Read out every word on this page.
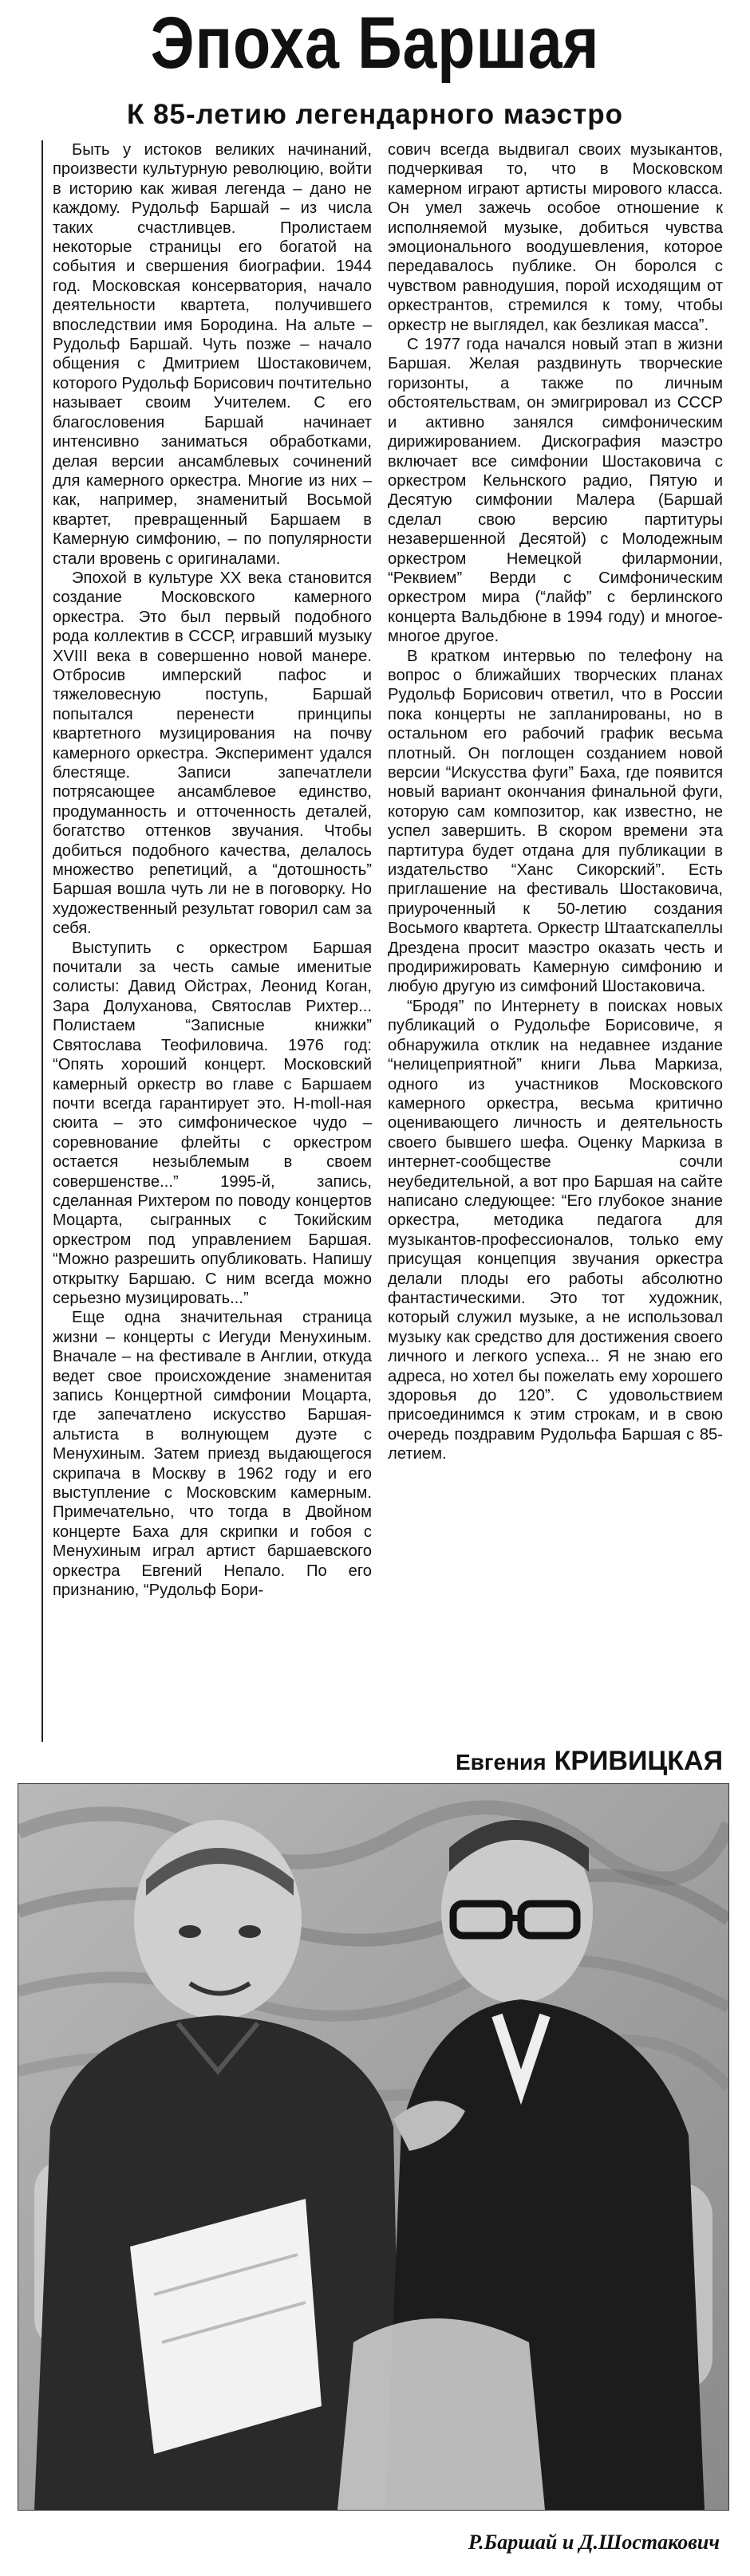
Эпоха Баршая
К 85-летию легендарного маэстро

Быть у истоков великих начинаний, произвести культурную революцию, войти в историю как живая легенда – дано не каждому. Рудольф Баршай – из числа таких счастливцев. Пролистаем некоторые страницы его богатой на события и свершения биографии. 1944 год. Московская консерватория, начало деятельности квартета, получившего впоследствии имя Бородина. На альте – Рудольф Баршай. Чуть позже – начало общения с Дмитрием Шостаковичем, которого Рудольф Борисович почтительно называет своим Учителем. С его благословения Баршай начинает интенсивно заниматься обработками, делая версии ансамблевых сочинений для камерного оркестра. Многие из них – как, например, знаменитый Восьмой квартет, превращенный Баршаем в Камерную симфонию, – по популярности стали вровень с оригиналами.

Эпохой в культуре XX века становится создание Московского камерного оркестра. Это был первый подобного рода коллектив в СССР, игравший музыку XVIII века в совершенно новой манере. Отбросив имперский пафос и тяжеловесную поступь, Баршай попытался перенести принципы квартетного музицирования на почву камерного оркестра. Эксперимент удался блестяще. Записи запечатлели потрясающее ансамблевое единство, продуманность и отточенность деталей, богатство оттенков звучания. Чтобы добиться подобного качества, делалось множество репетиций, а “дотошность” Баршая вошла чуть ли не в поговорку. Но художественный результат говорил сам за себя.

Выступить с оркестром Баршая почитали за честь самые именитые солисты: Давид Ойстрах, Леонид Коган, Зара Долуханова, Святослав Рихтер... Полистаем “Записные книжки” Святослава Теофиловича. 1976 год: “Опять хороший концерт. Московский камерный оркестр во главе с Баршаем почти всегда гарантирует это. H-moll-ная сюита – это симфоническое чудо – соревнование флейты с оркестром остается незыблемым в своем совершенстве...” 1995-й, запись, сделанная Рихтером по поводу концертов Моцарта, сыгранных с Токийским оркестром под управлением Баршая. “Можно разрешить опубликовать. Напишу открытку Баршаю. С ним всегда можно серьезно музицировать...”

Еще одна значительная страница жизни – концерты с Иегуди Менухиным. Вначале – на фестивале в Англии, откуда ведет свое происхождение знаменитая запись Концертной симфонии Моцарта, где запечатлено искусство Баршая-альтиста в волнующем дуэте с Менухиным. Затем приезд выдающегося скрипача в Москву в 1962 году и его выступление с Московским камерным. Примечательно, что тогда в Двойном концерте Баха для скрипки и гобоя с Менухиным играл артист баршаевского оркестра Евгений Непало. По его признанию, “Рудольф Бори-

сович всегда выдвигал своих музыкантов, подчеркивая то, что в Московском камерном играют артисты мирового класса. Он умел зажечь особое отношение к исполняемой музыке, добиться чувства эмоционального воодушевления, которое передавалось публике. Он боролся с чувством равнодушия, порой исходящим от оркестрантов, стремился к тому, чтобы оркестр не выглядел, как безликая масса”.

С 1977 года начался новый этап в жизни Баршая. Желая раздвинуть творческие горизонты, а также по личным обстоятельствам, он эмигрировал из СССР и активно занялся симфоническим дирижированием. Дискография маэстро включает все симфонии Шостаковича с оркестром Кельнского радио, Пятую и Десятую симфонии Малера (Баршай сделал свою версию партитуры незавершенной Десятой) с Молодежным оркестром Немецкой филармонии, “Реквием” Верди с Симфоническим оркестром мира (“лайф” с берлинского концерта Вальдбюне в 1994 году) и многое-многое другое.

В кратком интервью по телефону на вопрос о ближайших творческих планах Рудольф Борисович ответил, что в России пока концерты не запланированы, но в остальном его рабочий график весьма плотный. Он поглощен созданием новой версии “Искусства фуги” Баха, где появится новый вариант окончания финальной фуги, которую сам композитор, как известно, не успел завершить. В скором времени эта партитура будет отдана для публикации в издательство “Ханс Сикорский”. Есть приглашение на фестиваль Шостаковича, приуроченный к 50-летию создания Восьмого квартета. Оркестр Штаатскапеллы Дрездена просит маэстро оказать честь и продирижировать Камерную симфонию и любую другую из симфоний Шостаковича.

“Бродя” по Интернету в поисках новых публикаций о Рудольфе Борисовиче, я обнаружила отклик на недавнее издание “нелицеприятной” книги Льва Маркиза, одного из участников Московского камерного оркестра, весьма критично оценивающего личность и деятельность своего бывшего шефа. Оценку Маркиза в интернет-сообществе сочли неубедительной, а вот про Баршая на сайте написано следующее: “Его глубокое знание оркестра, методика педагога для музыкантов-профессионалов, только ему присущая концепция звучания оркестра делали плоды его работы абсолютно фантастическими. Это тот художник, который служил музыке, а не использовал музыку как средство для достижения своего личного и легкого успеха... Я не знаю его адреса, но хотел бы пожелать ему хорошего здоровья до 120”. С удовольствием присоединимся к этим строкам, и в свою очередь поздравим Рудольфа Баршая с 85-летием.

Евгения КРИВИЦКАЯ
Р.Баршай и Д.Шостакович
